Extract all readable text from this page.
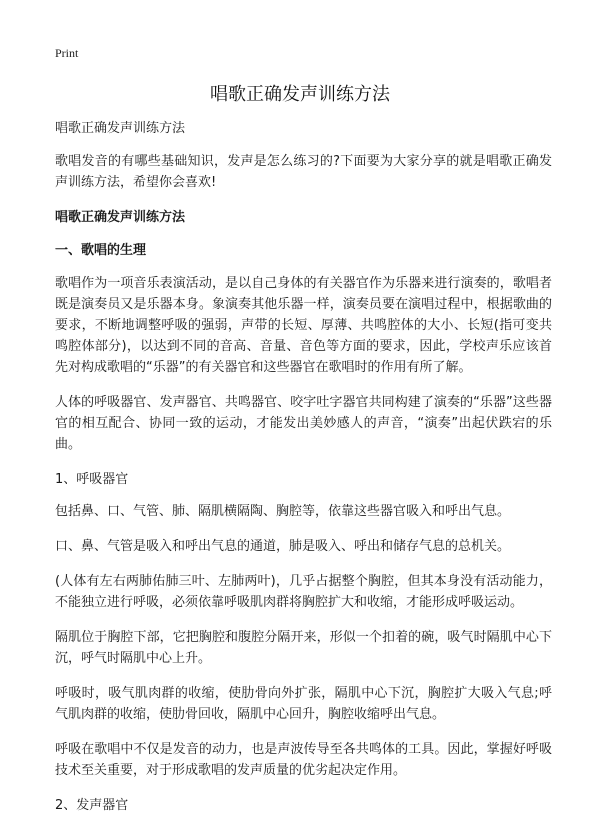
Print
唱歌正确发声训练方法

唱歌正确发声训练方法

歌唱发音的有哪些基础知识，发声是怎么练习的?下面要为大家分享的就是唱歌正确发声训练方法，希望你会喜欢!

唱歌正确发声训练方法

一、歌唱的生理

歌唱作为一项音乐表演活动，是以自己身体的有关器官作为乐器来进行演奏的，歌唱者既是演奏员又是乐器本身。象演奏其他乐器一样，演奏员要在演唱过程中，根据歌曲的要求，不断地调整呼吸的强弱，声带的长短、厚薄、共鸣腔体的大小、长短(指可变共鸣腔体部分)，以达到不同的音高、音量、音色等方面的要求，因此，学校声乐应该首先对构成歌唱的“乐器”的有关器官和这些器官在歌唱时的作用有所了解。

人体的呼吸器官、发声器官、共鸣器官、咬字吐字器官共同构建了演奏的“乐器”这些器官的相互配合、协同一致的运动，才能发出美妙感人的声音，“演奏”出起伏跌宕的乐曲。

1、呼吸器官

包括鼻、口、气管、肺、隔肌横隔陶、胸腔等，依靠这些器官吸入和呼出气息。

口、鼻、气管是吸入和呼出气息的通道，肺是吸入、呼出和储存气息的总机关。

(人体有左右两肺佑肺三叶、左肺两叶)，几乎占据整个胸腔，但其本身没有活动能力，不能独立进行呼吸，必须依靠呼吸肌肉群将胸腔扩大和收缩，才能形成呼吸运动。

隔肌位于胸腔下部，它把胸腔和腹腔分隔开来，形似一个扣着的碗，吸气时隔肌中心下沉，呼气时隔肌中心上升。

呼吸时，吸气肌肉群的收缩，使肋骨向外扩张，隔肌中心下沉，胸腔扩大吸入气息;呼气肌肉群的收缩，使肋骨回收，隔肌中心回升，胸腔收缩呼出气息。

呼吸在歌唱中不仅是发音的动力，也是声波传导至各共鸣体的工具。因此，掌握好呼吸技术至关重要，对于形成歌唱的发声质量的优劣起决定作用。

2、发声器官
